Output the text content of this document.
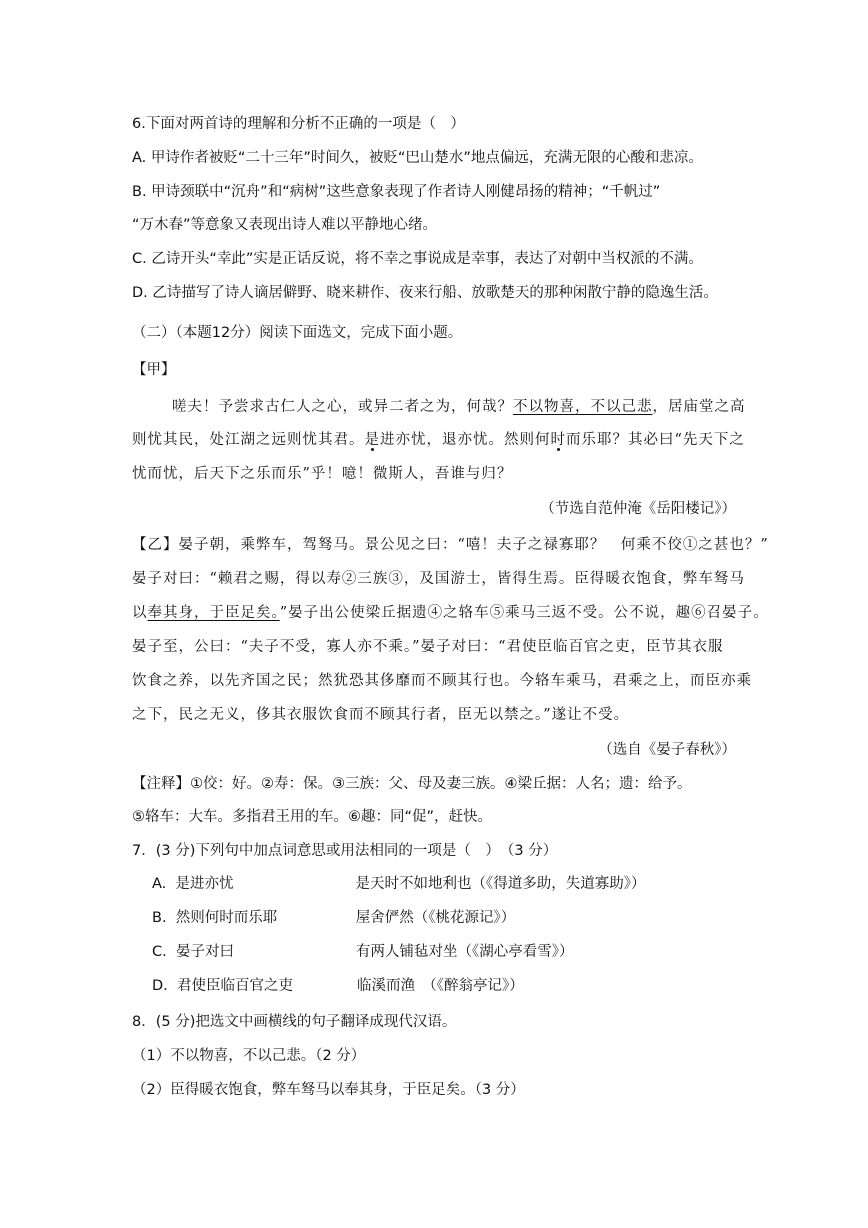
6.下面对两首诗的理解和分析不正确的一项是（　）
A. 甲诗作者被贬“二十三年”时间久，被贬“巴山楚水”地点偏远，充满无限的心酸和悲凉。
B. 甲诗颈联中“沉舟”和“病树”这些意象表现了作者诗人刚健昂扬的精神；“千帆过”
“万木春”等意象又表现出诗人难以平静地心绪。
C. 乙诗开头“幸此”实是正话反说，将不幸之事说成是幸事，表达了对朝中当权派的不满。
D. 乙诗描写了诗人谪居僻野、晓来耕作、夜来行船、放歌楚天的那种闲散宁静的隐逸生活。
（二）（本题12分）阅读下面选文，完成下面小题。
【甲】
嗟夫！予尝求古仁人之心，或异二者之为，何哉？不以物喜，不以己悲，居庙堂之高
则忧其民，处江湖之远则忧其君。是进亦忧，退亦忧。然则何时而乐耶？其必曰“先天下之
忧而忧，后天下之乐而乐”乎！噫！微斯人，吾谁与归？
（节选自范仲淹《岳阳楼记》）
【乙】晏子朝，乘弊车，驾驽马。景公见之曰：“嘻！夫子之禄寡耶？　何乘不佼①之甚也？”
晏子对曰：“赖君之赐，得以寿②三族③，及国游士，皆得生焉。臣得暖衣饱食，弊车驽马
以奉其身，于臣足矣。”晏子出公使梁丘据遗④之辂车⑤乘马三返不受。公不说，趣⑥召晏子。
晏子至，公曰：“夫子不受，寡人亦不乘。”晏子对曰：“君使臣临百官之吏，臣节其衣服
饮食之养，以先齐国之民；然犹恐其侈靡而不顾其行也。今辂车乘马，君乘之上，而臣亦乘
之下，民之无义，侈其衣服饮食而不顾其行者，臣无以禁之。”遂让不受。
（选自《晏子春秋》）
【注释】①佼：好。②寿：保。③三族：父、母及妻三族。④梁丘据：人名；遗：给予。
⑤辂车：大车。多指君王用的车。⑥趣：同“促”，赶快。
7．(3 分)下列句中加点词意思或用法相同的一项是（　）　（3 分）
A. 是进亦忧	是天时不如地利也（《得道多助，失道寡助》）
B. 然则何时而乐耶	屋舍俨然（《桃花源记》）
C. 晏子对曰	有两人铺毡对坐（《湖心亭看雪》）
D. 君使臣临百官之吏	临溪而渔　（《醉翁亭记》）
8．(5 分)把选文中画横线的句子翻译成现代汉语。
（1）不以物喜，不以己悲。（2 分）
（2）臣得暖衣饱食，弊车驽马以奉其身，于臣足矣。（3 分）
